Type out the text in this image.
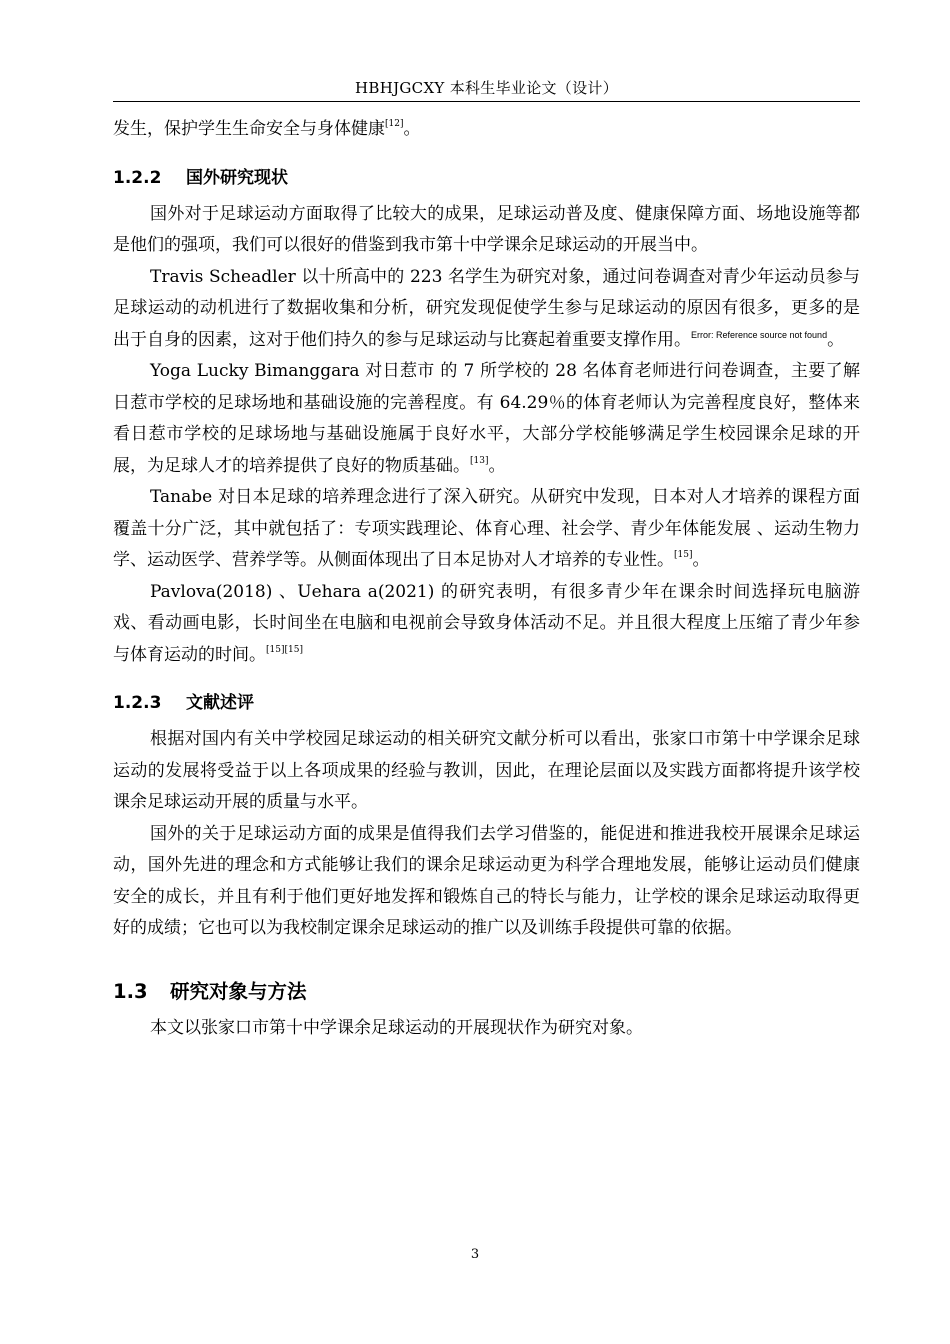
HBHJGCXY 本科生毕业论文（设计）

发生，保护学生生命安全与身体健康[12]。

1.2.2 国外研究现状

国外对于足球运动方面取得了比较大的成果，足球运动普及度、健康保障方面、场地设施等都是他们的强项，我们可以很好的借鉴到我市第十中学课余足球运动的开展当中。

Travis Scheadler 以十所高中的 223 名学生为研究对象，通过问卷调查对青少年运动员参与足球运动的动机进行了数据收集和分析，研究发现促使学生参与足球运动的原因有很多，更多的是出于自身的因素，这对于他们持久的参与足球运动与比赛起着重要支撑作用。$^{Error: Reference source not found}$。

Yoga Lucky Bimanggara 对日惹市 的 7 所学校的 28 名体育老师进行问卷调查，主要了解日惹市学校的足球场地和基础设施的完善程度。有 64.29％的体育老师认为完善程度良好，整体来看日惹市学校的足球场地与基础设施属于良好水平，大部分学校能够满足学生校园课余足球的开展，为足球人才的培养提供了良好的物质基础。[13]。

Tanabe 对日本足球的培养理念进行了深入研究。从研究中发现，日本对人才培养的课程方面覆盖十分广泛，其中就包括了：专项实践理论、体育心理、社会学、青少年体能发展 、运动生物力学、运动医学、营养学等。从侧面体现出了日本足协对人才培养的专业性。[15]。

Pavlova(2018) 、Uehara a(2021) 的研究表明，有很多青少年在课余时间选择玩电脑游戏、看动画电影，长时间坐在电脑和电视前会导致身体活动不足。并且很大程度上压缩了青少年参与体育运动的时间。[15][15]

1.2.3 文献述评

根据对国内有关中学校园足球运动的相关研究文献分析可以看出，张家口市第十中学课余足球运动的发展将受益于以上各项成果的经验与教训，因此，在理论层面以及实践方面都将提升该学校课余足球运动开展的质量与水平。

国外的关于足球运动方面的成果是值得我们去学习借鉴的，能促进和推进我校开展课余足球运动，国外先进的理念和方式能够让我们的课余足球运动更为科学合理地发展，能够让运动员们健康安全的成长，并且有利于他们更好地发挥和锻炼自己的特长与能力，让学校的课余足球运动取得更好的成绩；它也可以为我校制定课余足球运动的推广以及训练手段提供可靠的依据。

1.3 研究对象与方法

本文以张家口市第十中学课余足球运动的开展现状作为研究对象。

3
